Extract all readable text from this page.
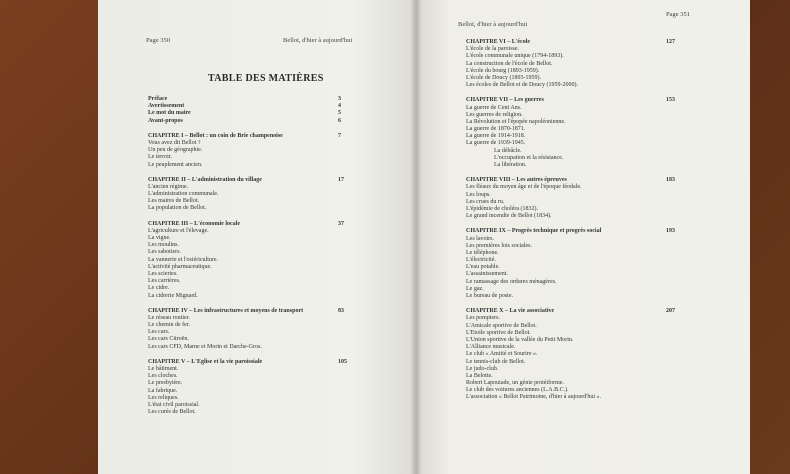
Page 350	Bellot, d'hier à aujourd'hui
TABLE DES MATIÈRES
Préface	3
Avertissement	4
Le mot du maire	5
Avant-propos	6
CHAPITRE I – Bellot : un coin de Brie champenoise	7
Vous avez dit Bellot ?
Un peu de géographie.
Le terroir.
Le peuplement ancien.
CHAPITRE II – L'administration du village	17
L'ancien régime.
L'administration communale.
Les maires de Bellot.
La population de Bellot.
CHAPITRE III – L'économie locale	37
L'agriculture et l'élevage.
La vigne.
Les moulins.
Les sabotiers.
La vannerie et l'osiériculture.
L'activité pharmaceutique.
Les scieries.
Les carrières.
Le cidre.
La cidrerie Mignard.
CHAPITRE IV – Les infrastructures et moyens de transport	83
Le réseau routier.
Le chemin de fer.
Les cars.
Les cars Citroën.
Les cars CFD, Marne et Morin et Darche-Gros.
CHAPITRE V – L'Eglise et la vie paroissiale	105
Le bâtiment.
Les cloches.
Le presbytère.
La fabrique.
Les reliques.
L'état civil paroissial.
Les curés de Bellot.
Page 351
Bellot, d'hier à aujourd'hui
CHAPITRE VI – L'école	127
L'école de la paroisse.
L'école communale unique (1794-1893).
La construction de l'école de Bellot.
L'école du bourg (1893-1959).
L'école de Doucy (1893-1959).
Les écoles de Bellot et de Doucy (1959-2000).
CHAPITRE VII – Les guerres	153
La guerre de Cent Ans.
Les guerres de religion.
La Révolution et l'épopée napoléonienne.
La guerre de 1870-1871.
La guerre de 1914-1918.
La guerre de 1939-1945.
La débâcle.
L'occupation et la résistance.
La libération.
CHAPITRE VIII – Les autres épreuves	183
Les fléaux du moyen âge et de l'époque féodale.
Les loups.
Les crues du ru.
L'épidémie de choléra (1832).
Le grand incendie de Bellot (1834).
CHAPITRE IX – Progrès technique et progrès social	193
Les lavoirs.
Les premières lois sociales.
Le téléphone.
L'électricité.
L'eau potable.
L'assainissement.
Le ramassage des ordures ménagères.
Le gaz.
Le bureau de poste.
CHAPITRE X – La vie associative	207
Les pompiers.
L'Amicale sportive de Bellot.
L'Etoile sportive de Bellot.
L'Union sportive de la vallée du Petit Morin.
L'Alliance musicale.
Le club « Amitié et Sourire ».
Le tennis-club de Bellot.
Le judo-club.
La Belotte.
Robert Lapouiade, un génie protéiforme.
Le club des voitures anciennes (L.A.B.C.).
L'association « Bellot Patrimoine, d'hier à aujourd'hui ».
